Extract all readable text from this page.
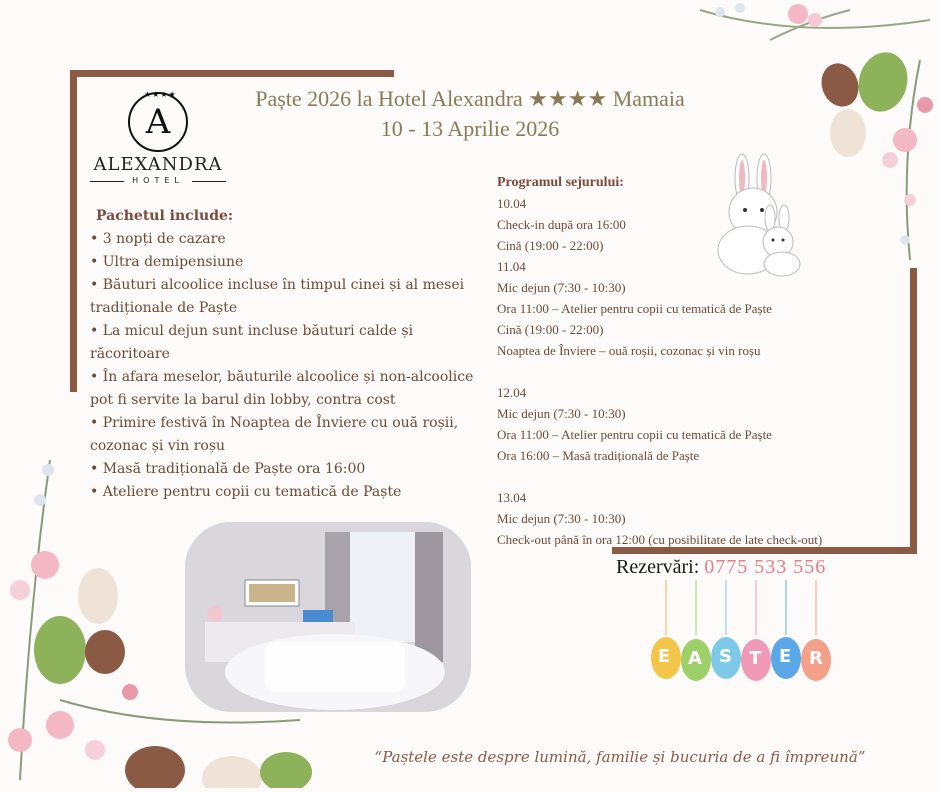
★★★★
A
ALEXANDRA
HOTEL
Paște 2026 la Hotel Alexandra ★★★★ Mamaia
10 - 13 Aprilie 2026
Pachetul include:
• 3 nopți de cazare
• Ultra demipensiune
• Băuturi alcoolice incluse în timpul cinei și al mesei tradiționale de Paște
• La micul dejun sunt incluse băuturi calde și răcoritoare
• În afara meselor, băuturile alcoolice și non-alcoolice pot fi servite la barul din lobby, contra cost
• Primire festivă în Noaptea de Înviere cu ouă roșii, cozonac și vin roșu
• Masă tradițională de Paște ora 16:00
• Ateliere pentru copii cu tematică de Paște
Programul sejurului:
10.04
Check-in după ora 16:00
Cină (19:00 - 22:00)
11.04
Mic dejun (7:30 - 10:30)
Ora 11:00 – Atelier pentru copii cu tematică de Paște
Cină (19:00 - 22:00)
Noaptea de Înviere – ouă roșii, cozonac și vin roșu
12.04
Mic dejun (7:30 - 10:30)
Ora 11:00 – Atelier pentru copii cu tematică de Paște
Ora 16:00 – Masă tradițională de Paște
13.04
Mic dejun (7:30 - 10:30)
Check-out până în ora 12:00 (cu posibilitate de late check-out)
Rezervări: 0775 533 556
E A S T E R
“Paștele este despre lumină, familie și bucuria de a fi împreună”
